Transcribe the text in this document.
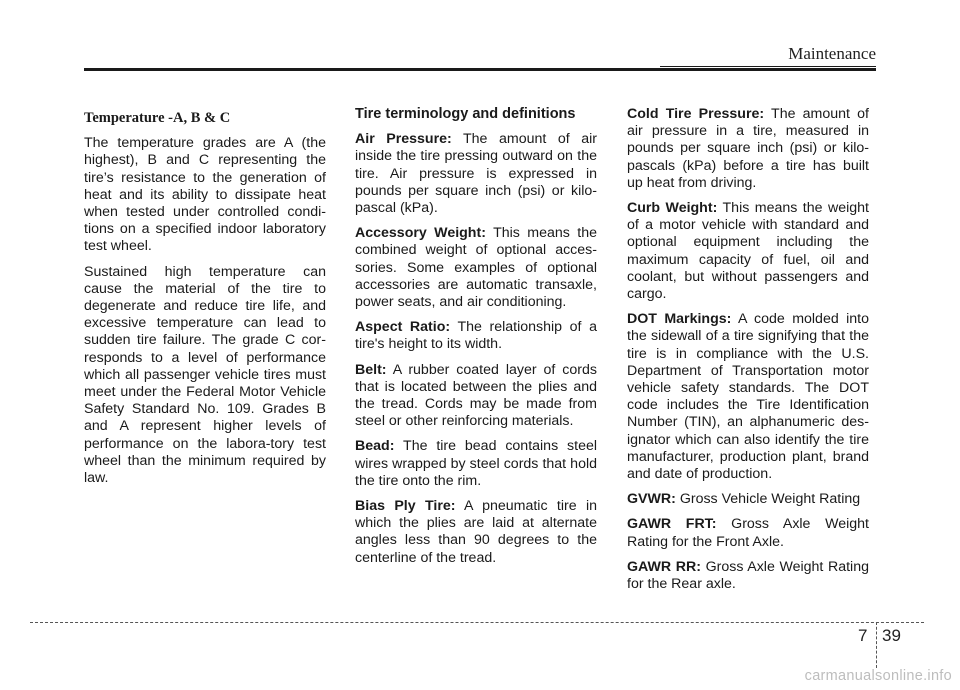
Maintenance
Temperature -A, B & C

The temperature grades are A (the highest), B and C representing the tire’s resistance to the generation of heat and its ability to dissipate heat when tested under controlled condi-tions on a specified indoor laboratory test wheel.

Sustained high temperature can cause the material of the tire to degenerate and reduce tire life, and excessive temperature can lead to sudden tire failure. The grade C cor-responds to a level of performance which all passenger vehicle tires must meet under the Federal Motor Vehicle Safety Standard No. 109. Grades B and A represent higher levels of performance on the labora-tory test wheel than the minimum required by law.

Tire terminology and definitions

Air Pressure: The amount of air inside the tire pressing outward on the tire. Air pressure is expressed in pounds per square inch (psi) or kilo-pascal (kPa).

Accessory Weight: This means the combined weight of optional acces-sories. Some examples of optional accessories are automatic transaxle, power seats, and air conditioning.

Aspect Ratio: The relationship of a tire's height to its width.

Belt: A rubber coated layer of cords that is located between the plies and the tread. Cords may be made from steel or other reinforcing materials.

Bead: The tire bead contains steel wires wrapped by steel cords that hold the tire onto the rim.

Bias Ply Tire: A pneumatic tire in which the plies are laid at alternate angles less than 90 degrees to the centerline of the tread.

Cold Tire Pressure: The amount of air pressure in a tire, measured in pounds per square inch (psi) or kilo-pascals (kPa) before a tire has built up heat from driving.

Curb Weight: This means the weight of a motor vehicle with standard and optional equipment including the maximum capacity of fuel, oil and coolant, but without passengers and cargo.

DOT Markings: A code molded into the sidewall of a tire signifying that the tire is in compliance with the U.S. Department of Transportation motor vehicle safety standards. The DOT code includes the Tire Identification Number (TIN), an alphanumeric des-ignator which can also identify the tire manufacturer, production plant, brand and date of production.

GVWR: Gross Vehicle Weight Rating

GAWR FRT: Gross Axle Weight Rating for the Front Axle.

GAWR RR: Gross Axle Weight Rating for the Rear axle.

7 39
carmanualsonline.info
